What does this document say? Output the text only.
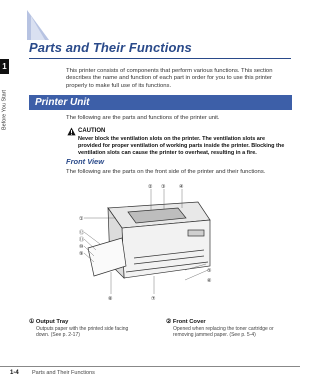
1
Before You Start
Parts and Their Functions

This printer consists of components that perform various functions. This section describes the name and function of each part in order for you to use this printer properly to make full use of its functions.

Printer Unit

The following are the parts and functions of the printer unit.

CAUTION

Never block the ventilation slots on the printer. The ventilation slots are provided for proper ventilation of working parts inside the printer. Blocking the ventilation slots can cause the printer to overheat, resulting in a fire.

Front View

The following are the parts on the front side of the printer and their functions.

② ③	④
①
⑫
⑪
⑩
⑨
⑤
⑥
⑧	⑦

① Output Tray

Outputs paper with the printed side facing down. (See p. 2-17)

② Front Cover

Opened when replacing the toner cartridge or removing jammed paper. (See p. 5-4)

1-4 Parts and Their Functions
